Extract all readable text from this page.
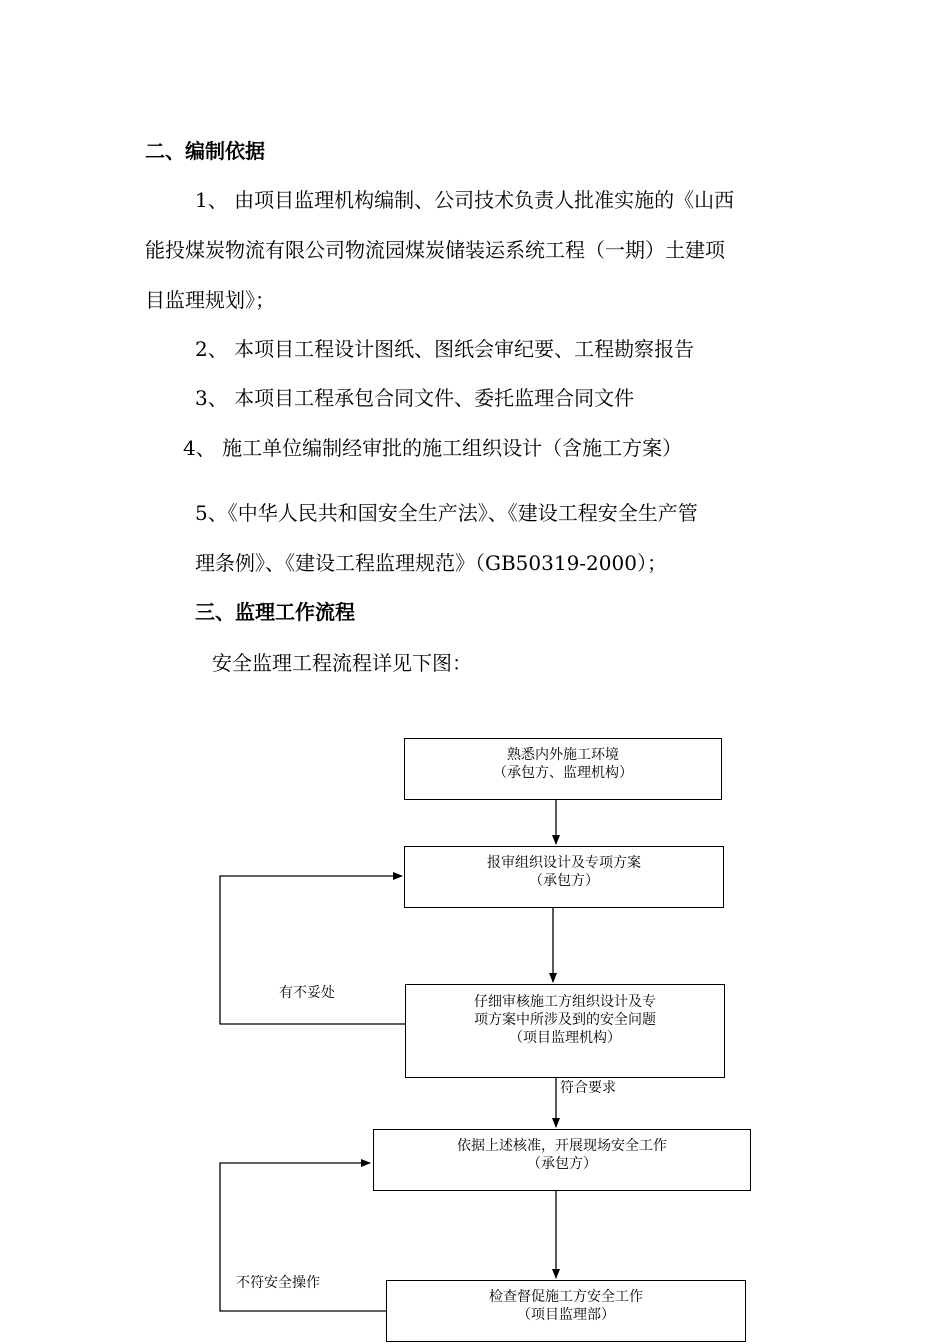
二、编制依据
1、 由项目监理机构编制、公司技术负责人批准实施的《山西
能投煤炭物流有限公司物流园煤炭储装运系统工程（一期）土建项
目监理规划》；
2、 本项目工程设计图纸、图纸会审纪要、工程勘察报告
3、 本项目工程承包合同文件、委托监理合同文件
4、 施工单位编制经审批的施工组织设计（含施工方案）
5、《中华人民共和国安全生产法》、《建设工程安全生产管
理条例》、《建设工程监理规范》（GB50319-2000）；
三、监理工作流程
安全监理工程流程详见下图：
熟悉内外施工环境
（承包方、监理机构）
报审组织设计及专项方案
（承包方）
仔细审核施工方组织设计及专
项方案中所涉及到的安全问题
（项目监理机构）
依据上述核准，开展现场安全工作
（承包方）
检查督促施工方安全工作
（项目监理部）
有不妥处
符合要求
不符安全操作
